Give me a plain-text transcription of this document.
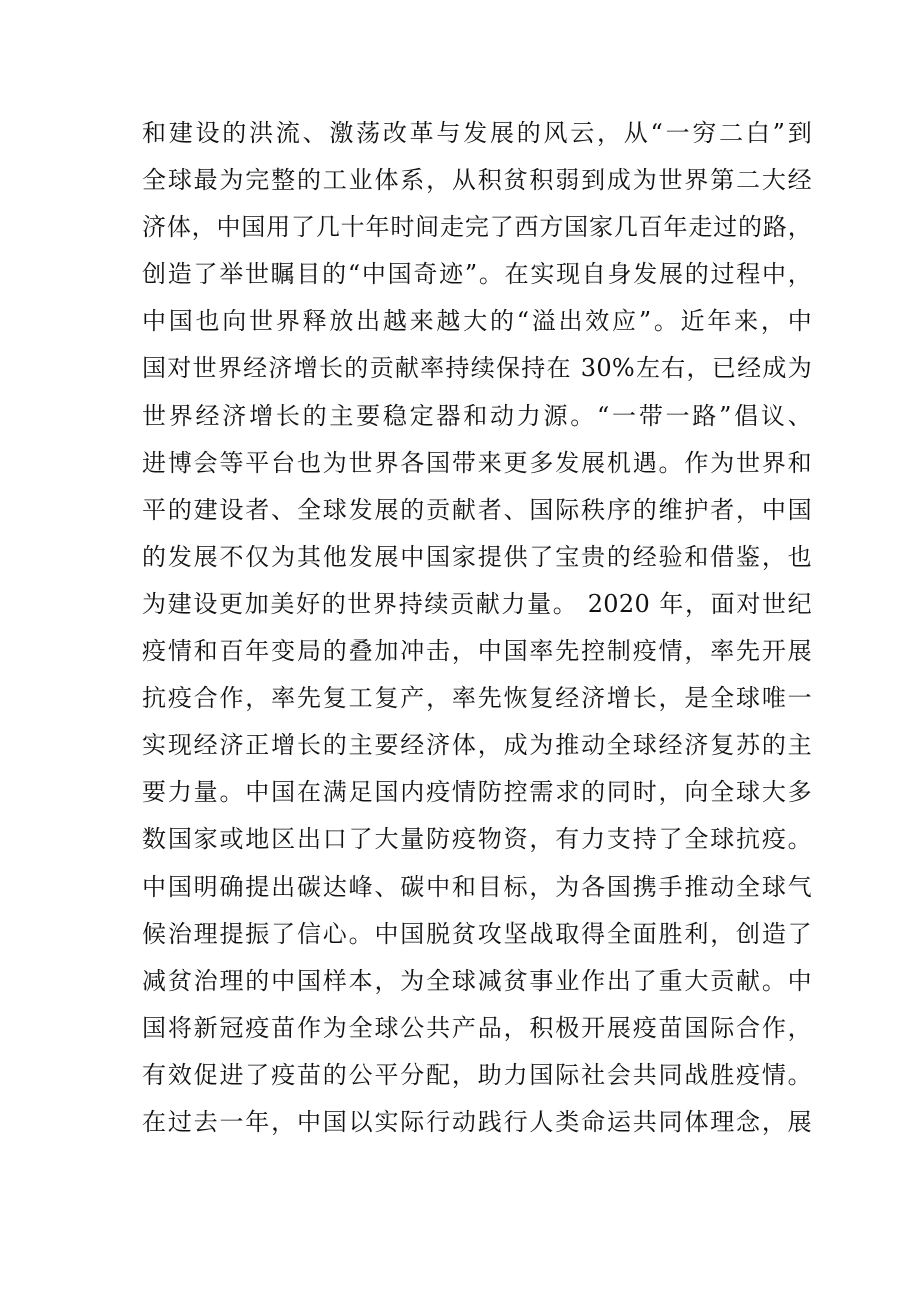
和建设的洪流、激荡改革与发展的风云，从“一穷二白”到
全球最为完整的工业体系，从积贫积弱到成为世界第二大经
济体，中国用了几十年时间走完了西方国家几百年走过的路，
创造了举世瞩目的“中国奇迹”。在实现自身发展的过程中，
中国也向世界释放出越来越大的“溢出效应”。近年来，中
国对世界经济增长的贡献率持续保持在 30%左右，已经成为
世界经济增长的主要稳定器和动力源。“一带一路”倡议、
进博会等平台也为世界各国带来更多发展机遇。作为世界和
平的建设者、全球发展的贡献者、国际秩序的维护者，中国
的发展不仅为其他发展中国家提供了宝贵的经验和借鉴，也
为建设更加美好的世界持续贡献力量。 2020 年，面对世纪
疫情和百年变局的叠加冲击，中国率先控制疫情，率先开展
抗疫合作，率先复工复产，率先恢复经济增长，是全球唯一
实现经济正增长的主要经济体，成为推动全球经济复苏的主
要力量。中国在满足国内疫情防控需求的同时，向全球大多
数国家或地区出口了大量防疫物资，有力支持了全球抗疫。
中国明确提出碳达峰、碳中和目标，为各国携手推动全球气
候治理提振了信心。中国脱贫攻坚战取得全面胜利，创造了
减贫治理的中国样本，为全球减贫事业作出了重大贡献。中
国将新冠疫苗作为全球公共产品，积极开展疫苗国际合作，
有效促进了疫苗的公平分配，助力国际社会共同战胜疫情。
在过去一年，中国以实际行动践行人类命运共同体理念，展
